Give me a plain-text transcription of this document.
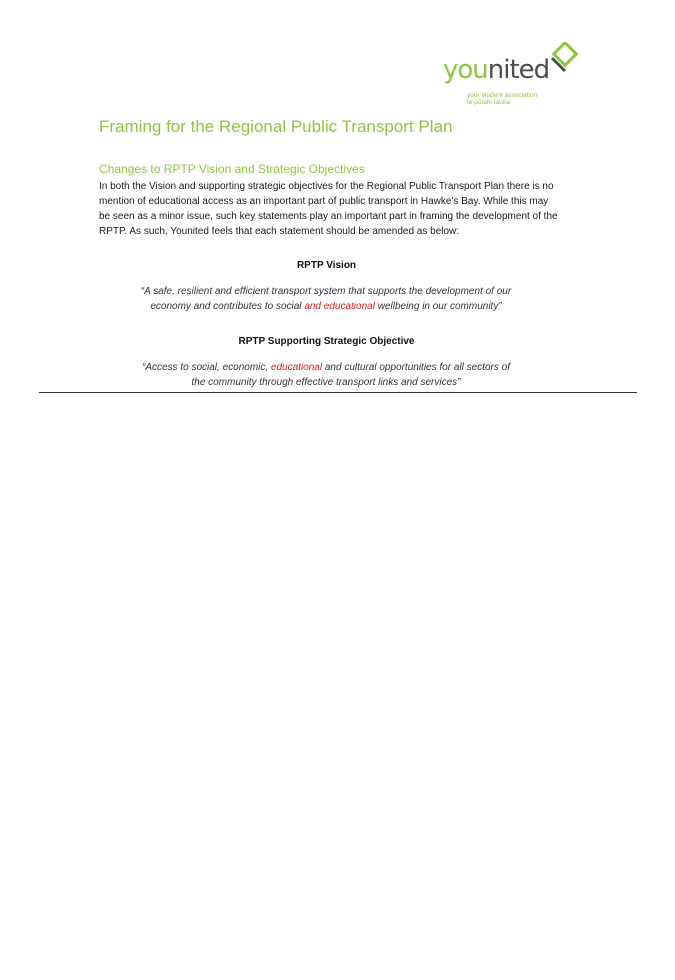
younited
your student association
te pūtahi tauira
Framing for the Regional Public Transport Plan
Changes to RPTP Vision and Strategic Objectives

In both the Vision and supporting strategic objectives for the Regional Public Transport Plan there is no mention of educational access as an important part of public transport in Hawke’s Bay. While this may be seen as a minor issue, such key statements play an important part in framing the development of the RPTP. As such, Younited feels that each statement should be amended as below:

RPTP Vision
“A safe, resilient and efficient transport system that supports the development of our economy and contributes to social and educational wellbeing in our community”
RPTP Supporting Strategic Objective
“Access to social, economic, educational and cultural opportunities for all sectors of the community through effective transport links and services”
